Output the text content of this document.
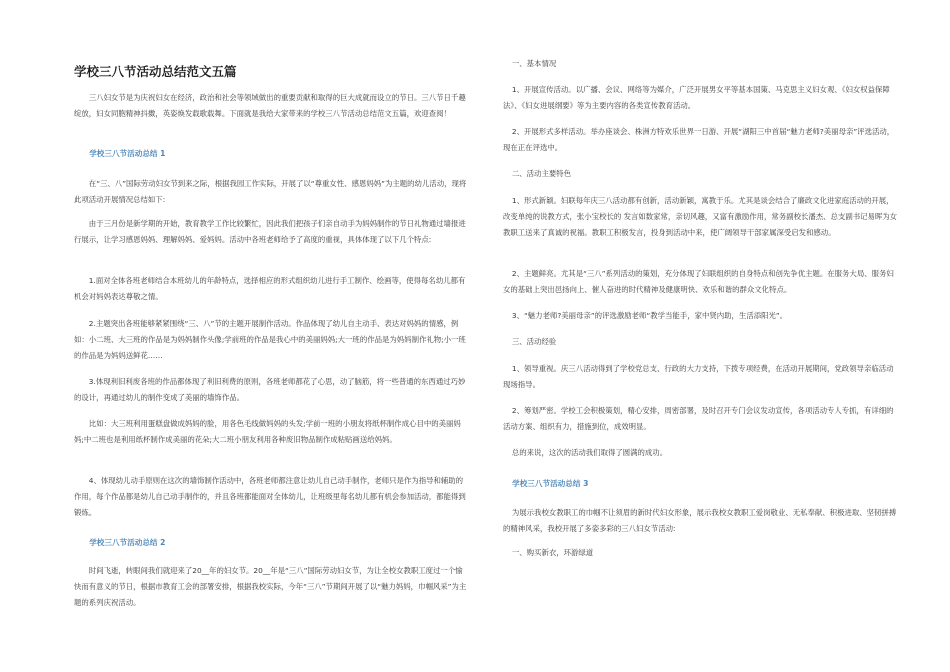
学校三八节活动总结范文五篇

三八妇女节是为庆祝妇女在经济，政治和社会等领域做出的重要贡献和取得的巨大成就而设立的节日。三八节日千趣绽放，妇女同胞精神抖擞，英姿焕发载歌载舞。下面就是我给大家带来的学校三八节活动总结范文五篇，欢迎查阅！

学校三八节活动总结 1

在“三、八”国际劳动妇女节到来之际，根据我园工作实际，开展了以“尊重女性、感恩妈妈”为主题的幼儿活动，现将此项活动开展情况总结如下:

由于三月份是新学期的开始，教育教学工作比较繁忙，因此我们把孩子们亲自动手为妈妈制作的节日礼物通过墙报进行展示，让学习感恩妈妈、理解妈妈、爱妈妈。活动中各班老师给予了高度的重视，具体体现了以下几个特点:

1.面对全体各班老师结合本班幼儿的年龄特点，选择相应的形式组织幼儿进行手工制作、绘画等，使得每名幼儿都有机会对妈妈表达尊敬之情。

2.主题突出各班能够紧紧围绕“三、八”节的主题开展制作活动。作品体现了幼儿自主动手、表达对妈妈的情感，例如：小二班、大三班的作品是为妈妈制作头像;学前班的作品是我心中的美丽妈妈;大一班的作品是为妈妈制作礼物;小一班的作品是为妈妈送鲜花……

3.体现利旧利废各班的作品都体现了利旧利费的原则，各班老师都花了心思，动了脑筋，将一些普通的东西通过巧妙的设计，再通过幼儿的制作变成了美丽的墙饰作品。

比如：大三班利用蛋糕盘做成妈妈的脸，用各色毛线做妈妈的头发;学前一班的小朋友将纸杯制作成心目中的美丽妈妈;中二班也是利用纸杯制作成美丽的花朵;大二班小朋友利用各种废旧物品制作成粘贴画送给妈妈。

4、体现幼儿动手原则在这次的墙饰制作活动中，各班老师都注意让幼儿自己动手制作，老师只是作为指导和辅助的作用，每个作品都是幼儿自己动手制作的，并且各班都能面对全体幼儿，让班级里每名幼儿都有机会参加活动，都能得到锻炼。

学校三八节活动总结 2

时间飞逝，转眼间我们就迎来了20__年的妇女节。20__年是“三八”国际劳动妇女节，为让全校女教职工度过一个愉快而有意义的节日，根据市教育工会的部署安排，根据我校实际，今年“三八”节期间开展了以“魅力妈妈，巾帼风采”为主题的系列庆祝活动。

一、基本情况

1、开展宣传活动。以广播、会议、网络等为媒介，广泛开展男女平等基本国策、马克思主义妇女观、《妇女权益保障法》、《妇女进展纲要》等为主要内容的各类宣传教育活动。

2、开展形式多样活动。举办座谈会、株洲方特欢乐世界一日游、开展“湖阳三中首届“魅力老师?美丽母亲”评选活动，现在正在评选中。

二、活动主要特色

1、形式新颖。妇联每年庆三八活动都有创新，活动新颖，寓教于乐。尤其是谈会结合了廉政文化进家庭活动的开展，改变单纯的说教方式，张小宝校长的 发言如数家常，亲切风趣，又富有激励作用，常务副校长潘杰、总支副书记易晖为女教职工送来了真诚的祝福。教职工积极发言，投身到活动中来，使广阔领导干部家属深受启发和感动。

2、主题鲜亮。尤其是“三八”系列活动的策划，充分体现了妇联组织的自身特点和创先争优主题。在服务大局、服务妇女的基础上突出邑扬向上、催人奋进的时代精神及健康明快、欢乐和谐的群众文化特点。

3、“魅力老师?美丽母亲”的评选激励老师“教学当能手，家中贤内助，生活添阳光”。

三、活动经验

1、领导重视。庆三八活动得到了学校党总支、行政的大力支持，下拨专项经费，在活动开展期间，党政领导亲临活动现场指导。

2、筹划严密。学校工会积极策划，精心安排，周密部署，及时召开专门会议发动宣传，各项活动专人专抓，有详细的活动方案、组织有力，措施到位，成效明显。

总的来说，这次的活动我们取得了圆满的成功。

学校三八节活动总结 3

为展示我校女教职工的巾帼不让须眉的新时代妇女形象，展示我校女教职工爱岗敬业、无私奉献、积极进取、坚韧拼搏的精神风采，我校开展了多姿多彩的三八妇女节活动:

一、购买新衣，环游绿道
